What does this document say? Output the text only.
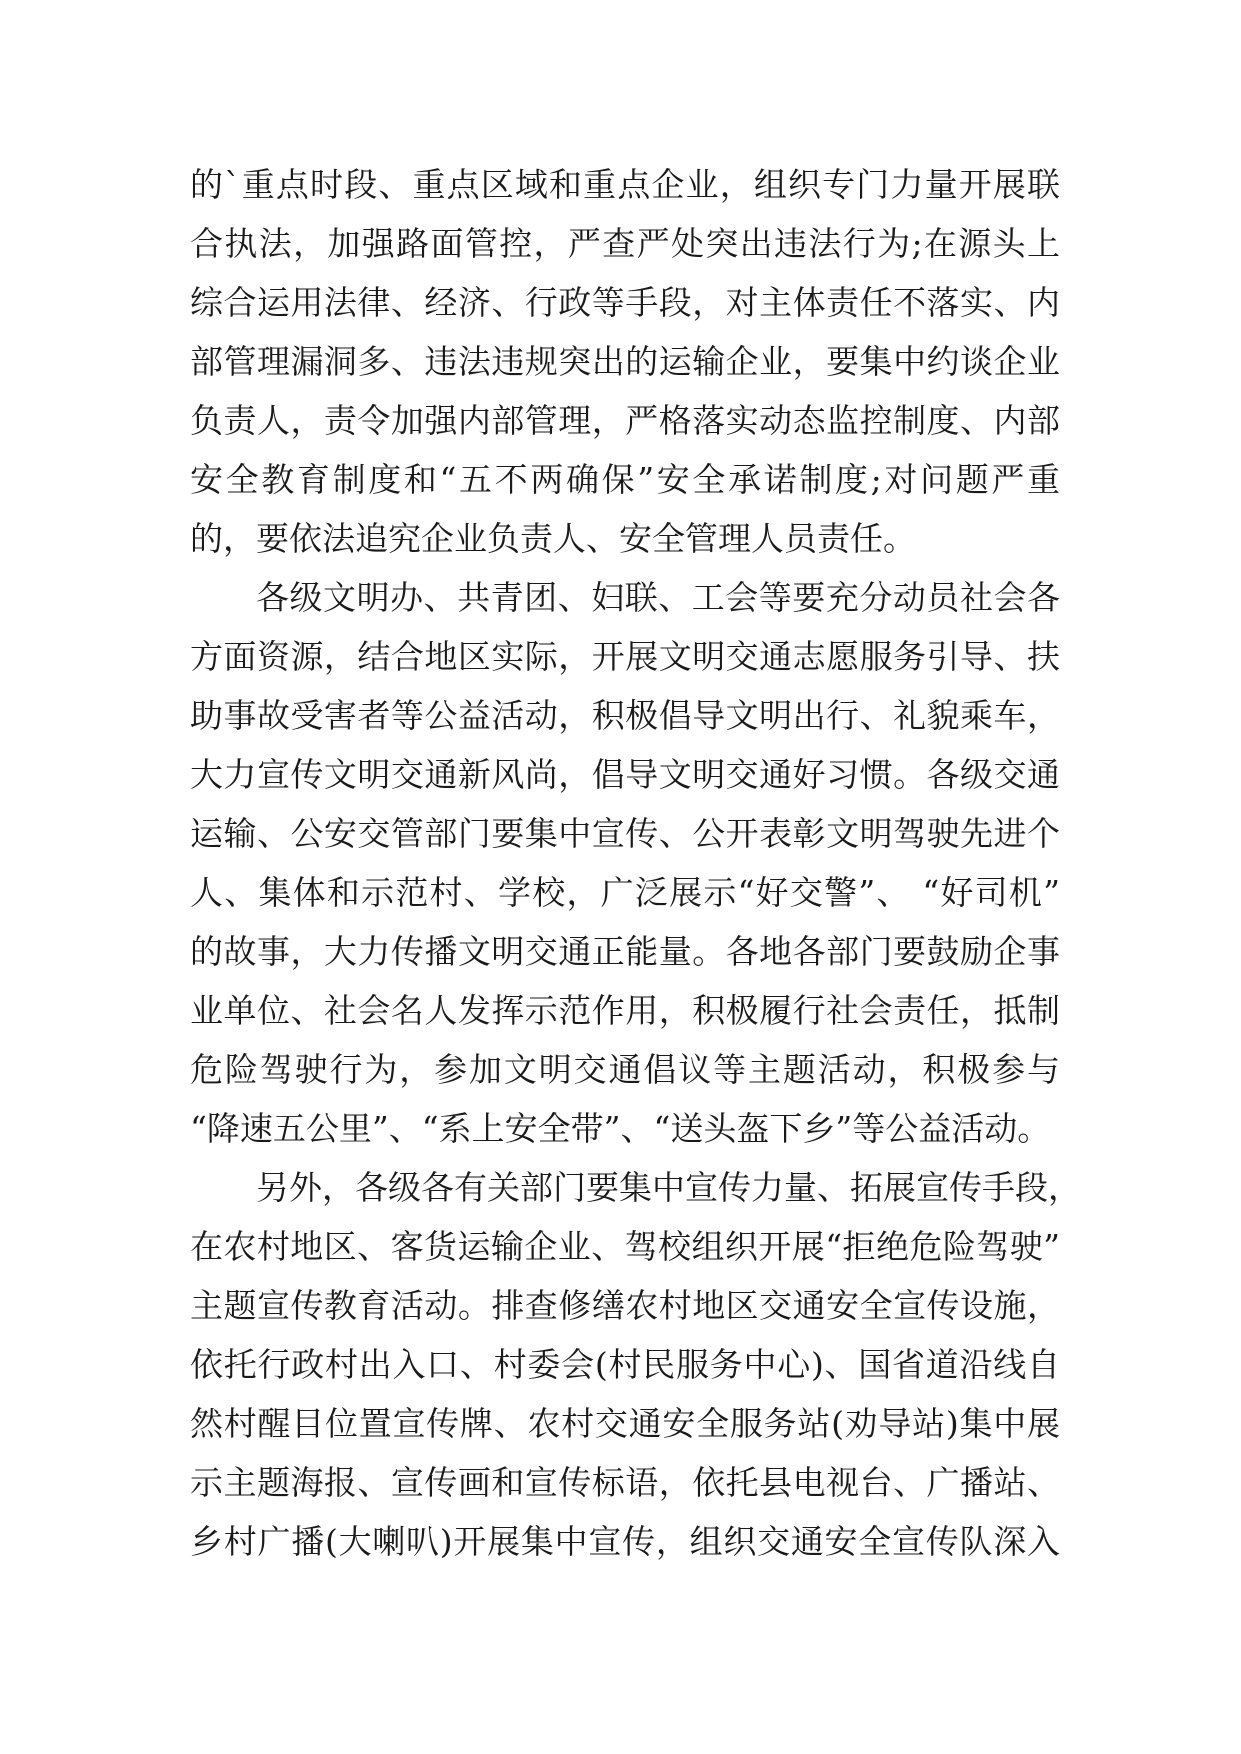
的`重点时段、重点区域和重点企业，组织专门力量开展联
合执法，加强路面管控，严查严处突出违法行为;在源头上
综合运用法律、经济、行政等手段，对主体责任不落实、内
部管理漏洞多、违法违规突出的运输企业，要集中约谈企业
负责人，责令加强内部管理，严格落实动态监控制度、内部
安全教育制度和“五不两确保”安全承诺制度;对问题严重
的，要依法追究企业负责人、安全管理人员责任。
各级文明办、共青团、妇联、工会等要充分动员社会各
方面资源，结合地区实际，开展文明交通志愿服务引导、扶
助事故受害者等公益活动，积极倡导文明出行、礼貌乘车，
大力宣传文明交通新风尚，倡导文明交通好习惯。各级交通
运输、公安交管部门要集中宣传、公开表彰文明驾驶先进个
人、集体和示范村、学校，广泛展示“好交警”、 “好司机”
的故事，大力传播文明交通正能量。各地各部门要鼓励企事
业单位、社会名人发挥示范作用，积极履行社会责任，抵制
危险驾驶行为，参加文明交通倡议等主题活动，积极参与
“降速五公里”、“系上安全带”、“送头盔下乡”等公益活动。
另外，各级各有关部门要集中宣传力量、拓展宣传手段，
在农村地区、客货运输企业、驾校组织开展“拒绝危险驾驶”
主题宣传教育活动。排查修缮农村地区交通安全宣传设施，
依托行政村出入口、村委会(村民服务中心)、国省道沿线自
然村醒目位置宣传牌、农村交通安全服务站(劝导站)集中展
示主题海报、宣传画和宣传标语，依托县电视台、广播站、
乡村广播(大喇叭)开展集中宣传，组织交通安全宣传队深入
